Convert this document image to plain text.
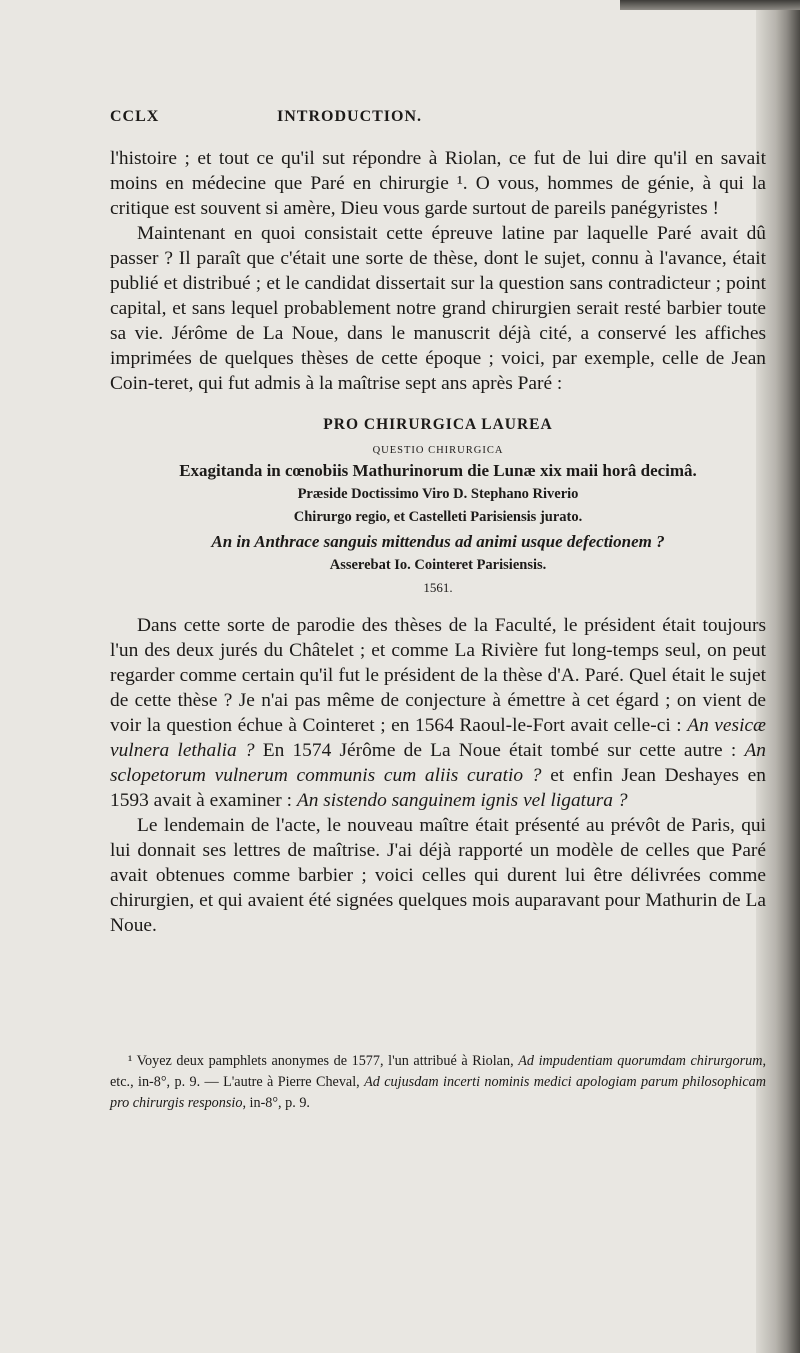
CCLX	INTRODUCTION.

l'histoire ; et tout ce qu'il sut répondre à Riolan, ce fut de lui dire qu'il en savait moins en médecine que Paré en chirurgie ¹. O vous, hommes de génie, à qui la critique est souvent si amère, Dieu vous garde surtout de pareils panégyristes !

Maintenant en quoi consistait cette épreuve latine par laquelle Paré avait dû passer ? Il paraît que c'était une sorte de thèse, dont le sujet, connu à l'avance, était publié et distribué ; et le candidat dissertait sur la question sans contradicteur ; point capital, et sans lequel probablement notre grand chirurgien serait resté barbier toute sa vie. Jérôme de La Noue, dans le manuscrit déjà cité, a conservé les affiches imprimées de quelques thèses de cette époque ; voici, par exemple, celle de Jean Coin-teret, qui fut admis à la maîtrise sept ans après Paré :

PRO CHIRURGICA LAUREA
QUESTIO CHIRURGICA
Exagitanda in cœnobiis Mathurinorum die Lunæ xix maii horâ decimâ.
Præside Doctissimo Viro D. Stephano Riverio
Chirurgo regio, et Castelleti Parisiensis jurato.
An in Anthrace sanguis mittendus ad animi usque defectionem ?
Asserebat Io. Cointeret Parisiensis.
1561.

Dans cette sorte de parodie des thèses de la Faculté, le président était toujours l'un des deux jurés du Châtelet ; et comme La Rivière fut long-temps seul, on peut regarder comme certain qu'il fut le président de la thèse d'A. Paré. Quel était le sujet de cette thèse ? Je n'ai pas même de conjecture à émettre à cet égard ; on vient de voir la question échue à Cointeret ; en 1564 Raoul-le-Fort avait celle-ci : An vesicæ vulnera lethalia ? En 1574 Jérôme de La Noue était tombé sur cette autre : An sclopetorum vulnerum communis cum aliis curatio ? et enfin Jean Deshayes en 1593 avait à examiner : An sistendo sanguinem ignis vel ligatura ?

Le lendemain de l'acte, le nouveau maître était présenté au prévôt de Paris, qui lui donnait ses lettres de maîtrise. J'ai déjà rapporté un modèle de celles que Paré avait obtenues comme barbier ; voici celles qui durent lui être délivrées comme chirurgien, et qui avaient été signées quelques mois auparavant pour Mathurin de La Noue.

¹ Voyez deux pamphlets anonymes de 1577, l'un attribué à Riolan, Ad impudentiam quorumdam chirurgorum, etc., in-8°, p. 9. — L'autre à Pierre Cheval, Ad cujusdam incerti nominis medici apologiam parum philosophicam pro chirurgis responsio, in-8°, p. 9.
